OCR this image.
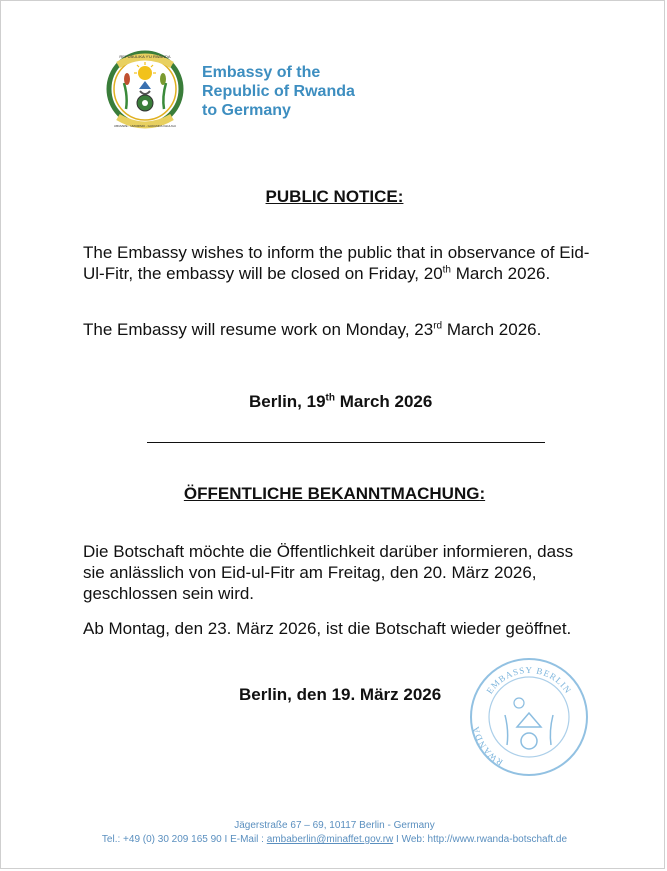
REPUBULIKA Y'U RWANDA
UBUMWE - UMURIMO - GUKUNDA IGIHUGU
Embassy of the
Republic of Rwanda
to Germany
PUBLIC NOTICE:
The Embassy wishes to inform the public that in observance of Eid-Ul-Fitr, the embassy will be closed on Friday, 20th March 2026.
The Embassy will resume work on Monday, 23rd March 2026.
Berlin, 19th March 2026
ÖFFENTLICHE BEKANNTMACHUNG:
Die Botschaft möchte die Öffentlichkeit darüber informieren, dass sie anlässlich von Eid-ul-Fitr am Freitag, den 20. März 2026, geschlossen sein wird.
Ab Montag, den 23. März 2026, ist die Botschaft wieder geöffnet.
Berlin, den 19. März 2026	EMBASSY BERLIN
RWANDA
Jägerstraße 67 – 69, 10117 Berlin - Germany
Tel.: +49 (0) 30 209 165 90 I E-Mail : ambaberlin@minaffet.gov.rw I Web: http://www.rwanda-botschaft.de
